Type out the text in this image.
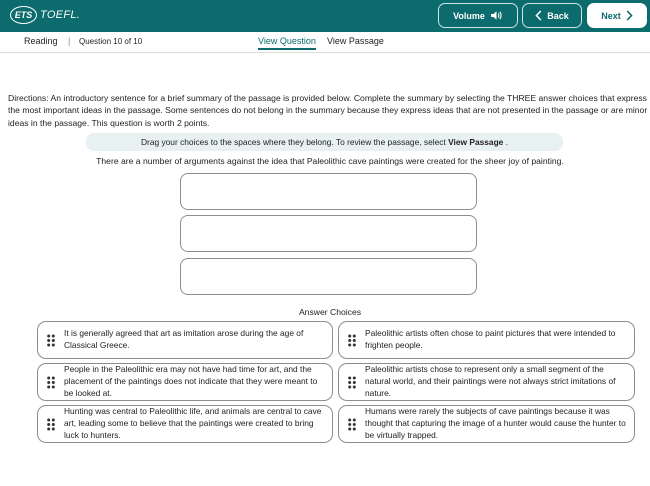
ETS TOEFL.	Volume	Back	Next
Reading | Question 10 of 10	View Question View Passage
Directions: An introductory sentence for a brief summary of the passage is provided below. Complete the summary by selecting the THREE answer choices that express the most important ideas in the passage. Some sentences do not belong in the summary because they express ideas that are not presented in the passage or are minor ideas in the passage. This question is worth 2 points.
Drag your choices to the spaces where they belong. To review the passage, select View Passage .
There are a number of arguments against the idea that Paleolithic cave paintings were created for the sheer joy of painting.
Answer Choices
It is generally agreed that art as imitation arose during the age of Classical Greece.
Paleolithic artists often chose to paint pictures that were intended to frighten people.
People in the Paleolithic era may not have had time for art, and the placement of the paintings does not indicate that they were meant to be looked at.
Paleolithic artists chose to represent only a small segment of the natural world, and their paintings were not always strict imitations of nature.
Hunting was central to Paleolithic life, and animals are central to cave art, leading some to believe that the paintings were created to bring luck to hunters.
Humans were rarely the subjects of cave paintings because it was thought that capturing the image of a hunter would cause the hunter to be virtually trapped.
